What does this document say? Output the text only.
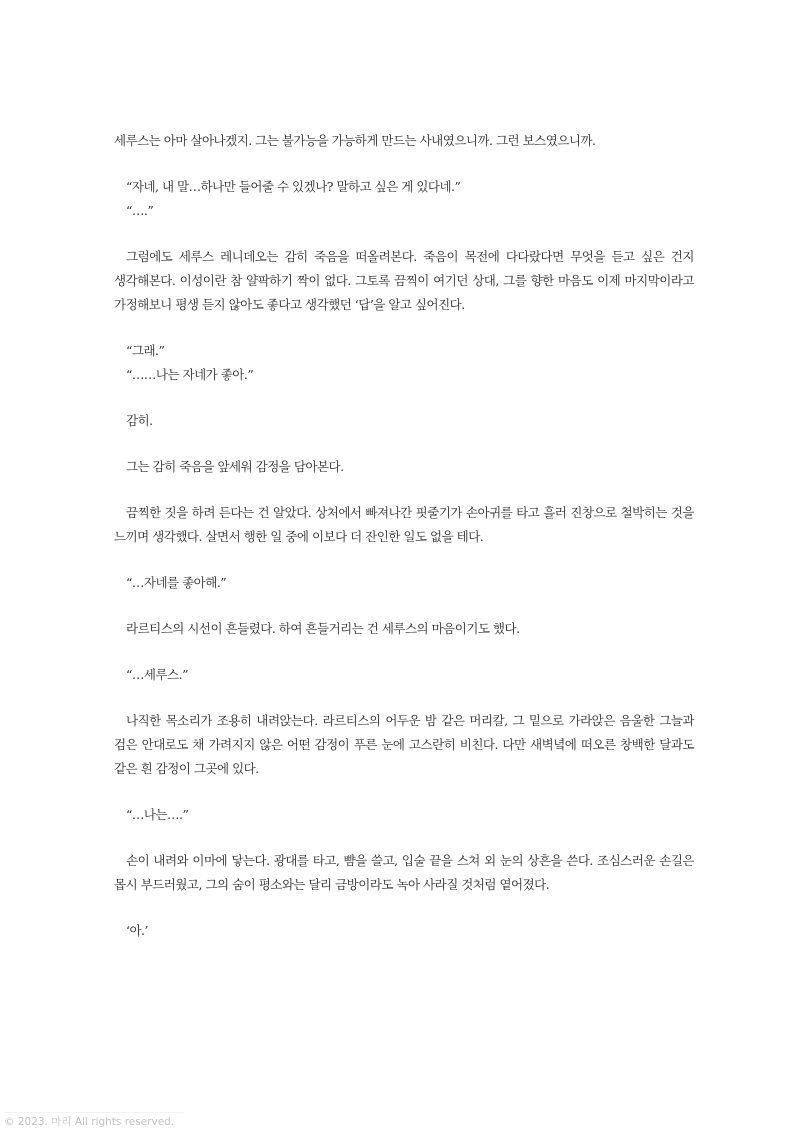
세루스는 아마 살아나겠지. 그는 불가능을 가능하게 만드는 사내였으니까. 그런 보스였으니까.

“자네, 내 말…하나만 들어줄 수 있겠나? 말하고 싶은 게 있다네.”
“….”

그럼에도 세루스 레니데오는 감히 죽음을 떠올려본다. 죽음이 목전에 다다랐다면 무엇을 듣고 싶은 건지 생각해본다. 이성이란 참 얄팍하기 짝이 없다. 그토록 끔찍이 여기던 상대, 그를 향한 마음도 이제 마지막이라고 가정해보니 평생 듣지 않아도 좋다고 생각했던 ‘답’을 알고 싶어진다.

“그래.”
“……나는 자네가 좋아.”

감히.

그는 감히 죽음을 앞세워 감정을 담아본다.

끔찍한 짓을 하려 든다는 건 알았다. 상처에서 빠져나간 핏줄기가 손아귀를 타고 흘러 진창으로 철박히는 것을 느끼며 생각했다. 살면서 행한 일 중에 이보다 더 잔인한 일도 없을 테다.

“…자네를 좋아해.”

라르티스의 시선이 흔들렸다. 하여 흔들거리는 건 세루스의 마음이기도 했다.

“…세루스.”

나직한 목소리가 조용히 내려앉는다. 라르티스의 어두운 밤 같은 머리칼, 그 밑으로 가라앉은 음울한 그늘과 검은 안대로도 채 가려지지 않은 어떤 감정이 푸른 눈에 고스란히 비친다. 다만 새벽녘에 떠오른 창백한 달과도 같은 흰 감정이 그곳에 있다.

“…나는….”

손이 내려와 이마에 닿는다. 광대를 타고, 뺨을 쓸고, 입술 끝을 스쳐 외 눈의 상흔을 쓴다. 조심스러운 손길은 몹시 부드러웠고, 그의 숨이 평소와는 달리 금방이라도 녹아 사라질 것처럼 옅어졌다.

‘아.’

© 2023. 마리 All rights reserved.
